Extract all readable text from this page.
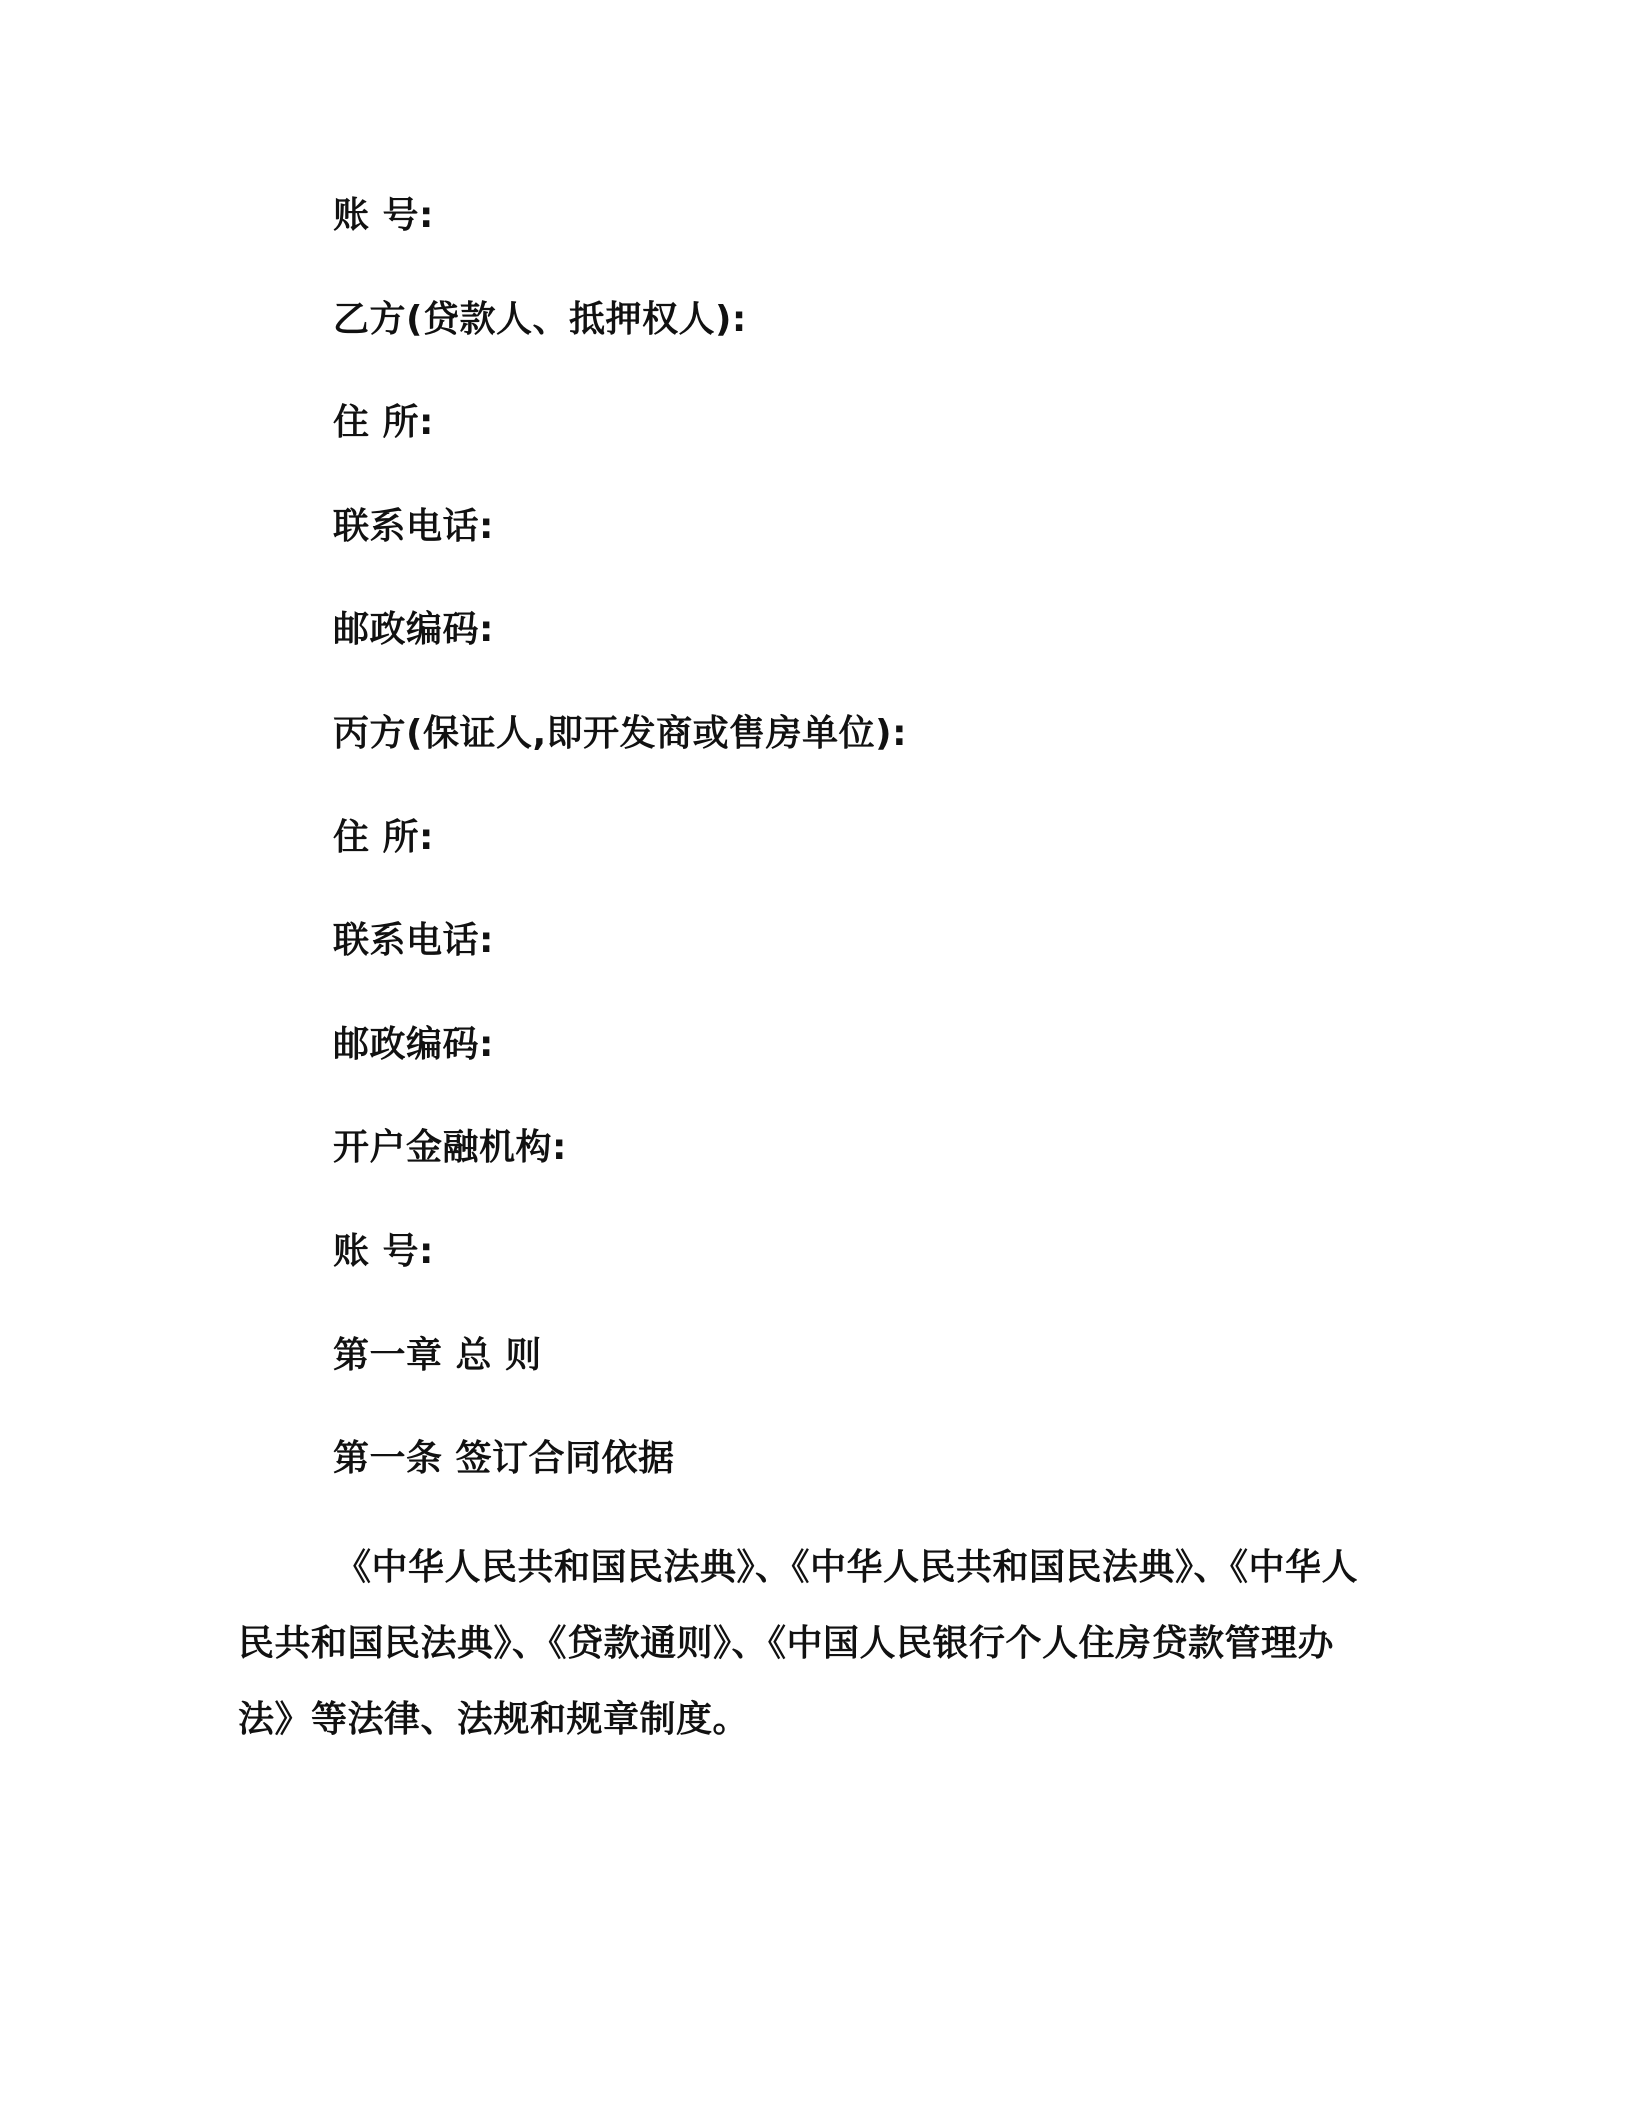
账 号:
乙方(贷款人、抵押权人):
住 所:
联系电话:
邮政编码:
丙方(保证人,即开发商或售房单位):
住 所:
联系电话:
邮政编码:
开户金融机构:
账 号:
第一章 总 则
第一条 签订合同依据
《中华人民共和国民法典》、《中华人民共和国民法典》、《中华人民共和国民法典》、《贷款通则》、《中国人民银行个人住房贷款管理办法》等法律、法规和规章制度。
